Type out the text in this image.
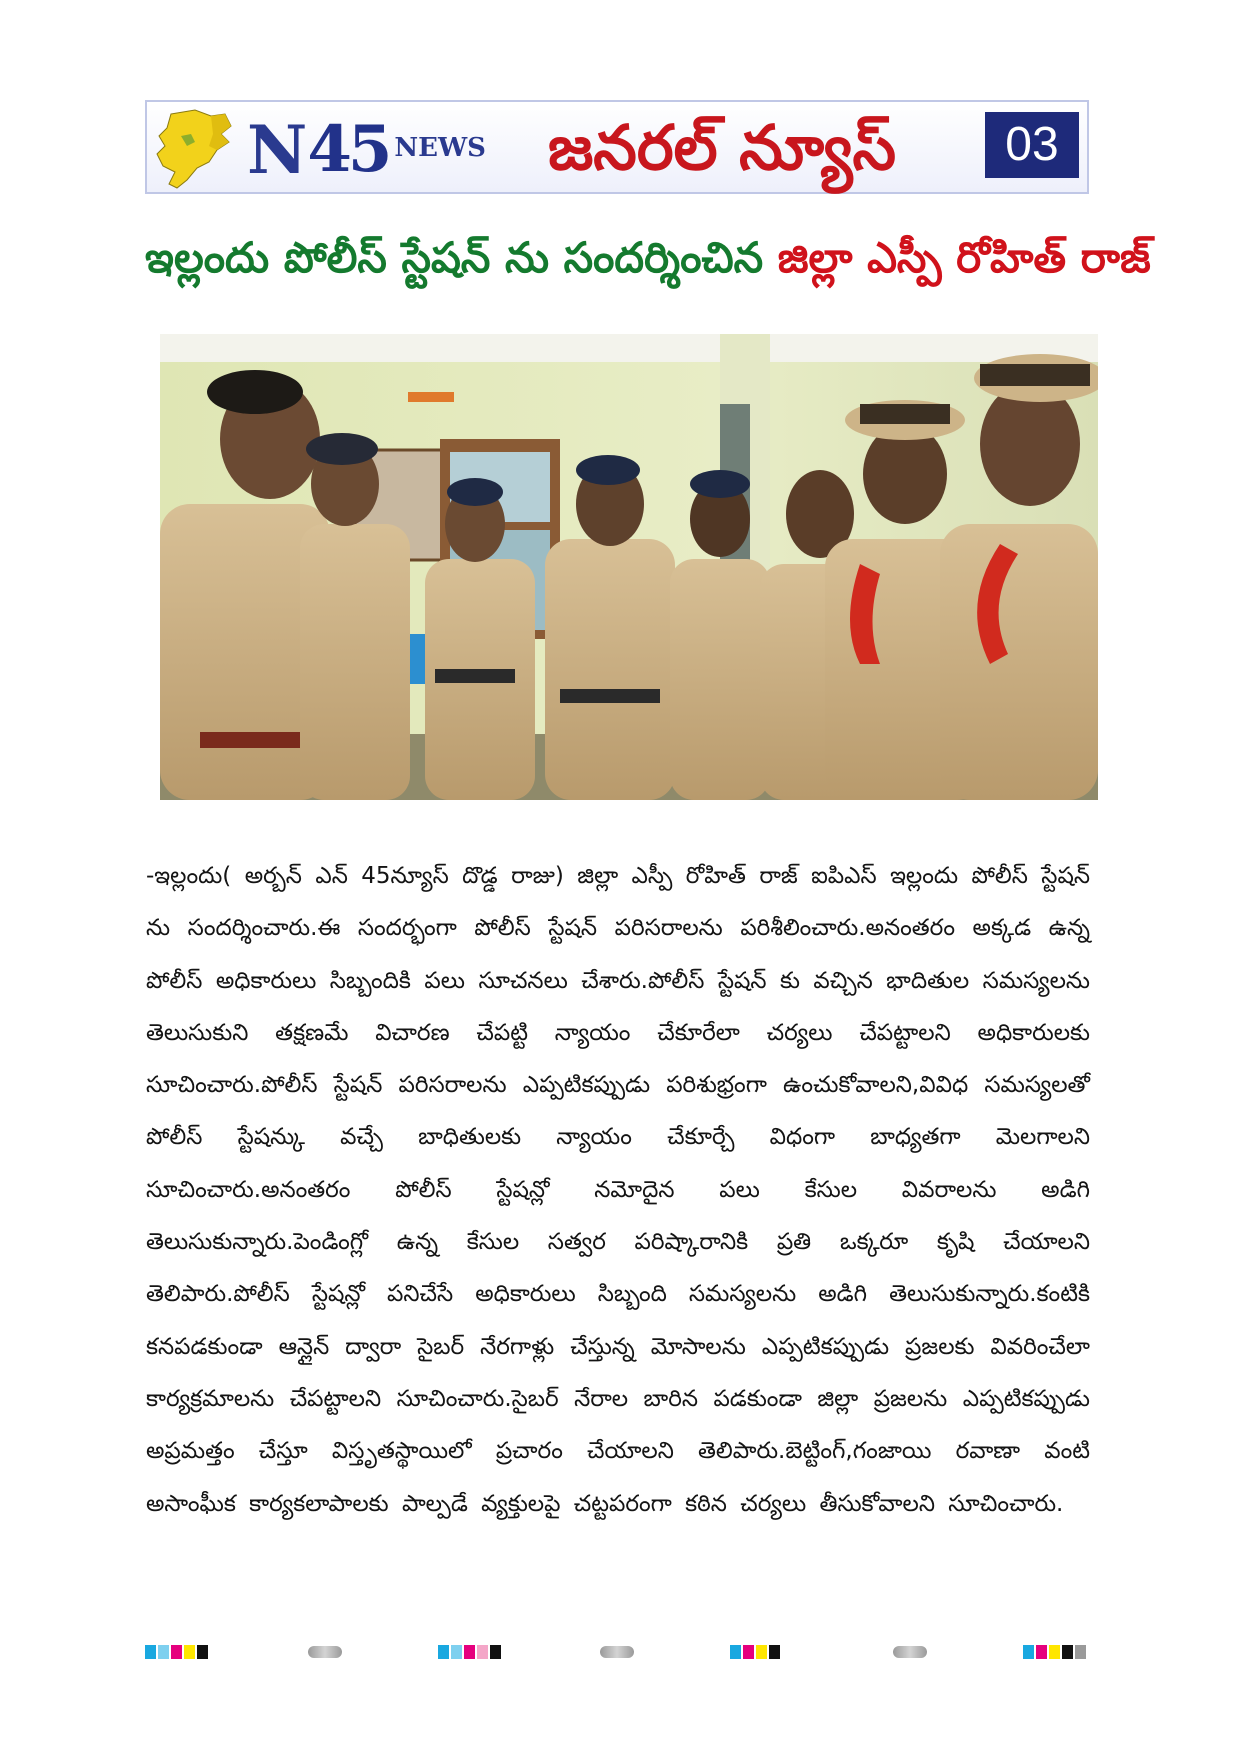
N 45 NEWS	జనరల్ న్యూస్	03
ఇల్లందు పోలీస్ స్టేషన్ ను సందర్శించిన జిల్లా ఎస్పీ రోహిత్ రాజ్
-ఇల్లందు( అర్బన్ ఎన్ 45న్యూస్ దొడ్డ రాజు) జిల్లా ఎస్పీ రోహిత్ రాజ్ ఐపిఎస్ ఇల్లందు పోలీస్ స్టేషన్ ను సందర్శించారు.ఈ సందర్భంగా పోలీస్ స్టేషన్ పరిసరాలను పరిశీలించారు.అనంతరం అక్కడ ఉన్న పోలీస్ అధికారులు సిబ్బందికి పలు సూచనలు చేశారు.పోలీస్ స్టేషన్ కు వచ్చిన భాదితుల సమస్యలను తెలుసుకుని తక్షణమే విచారణ చేపట్టి న్యాయం చేకూరేలా చర్యలు చేపట్టాలని అధికారులకు సూచించారు.పోలీస్ స్టేషన్ పరిసరాలను ఎప్పటికప్పుడు పరిశుభ్రంగా ఉంచుకోవాలని,వివిధ సమస్యలతో పోలీస్ స్టేషన్కు వచ్చే బాధితులకు న్యాయం చేకూర్చే విధంగా బాధ్యతగా మెలగాలని సూచించారు.అనంతరం పోలీస్ స్టేషన్లో నమోదైన పలు కేసుల వివరాలను అడిగి తెలుసుకున్నారు.పెండింగ్లో ఉన్న కేసుల సత్వర పరిష్కారానికి ప్రతి ఒక్కరూ కృషి చేయాలని తెలిపారు.పోలీస్ స్టేషన్లో పనిచేసే అధికారులు సిబ్బంది సమస్యలను అడిగి తెలుసుకున్నారు.కంటికి కనపడకుండా ఆన్లైన్ ద్వారా సైబర్ నేరగాళ్లు చేస్తున్న మోసాలను ఎప్పటికప్పుడు ప్రజలకు వివరించేలా కార్యక్రమాలను చేపట్టాలని సూచించారు.సైబర్ నేరాల బారిన పడకుండా జిల్లా ప్రజలను ఎప్పటికప్పుడు అప్రమత్తం చేస్తూ విస్తృతస్థాయిలో ప్రచారం చేయాలని తెలిపారు.బెట్టింగ్,గంజాయి రవాణా వంటి అసాంఘీక కార్యకలాపాలకు పాల్పడే వ్యక్తులపై చట్టపరంగా కఠిన చర్యలు తీసుకోవాలని సూచించారు.
